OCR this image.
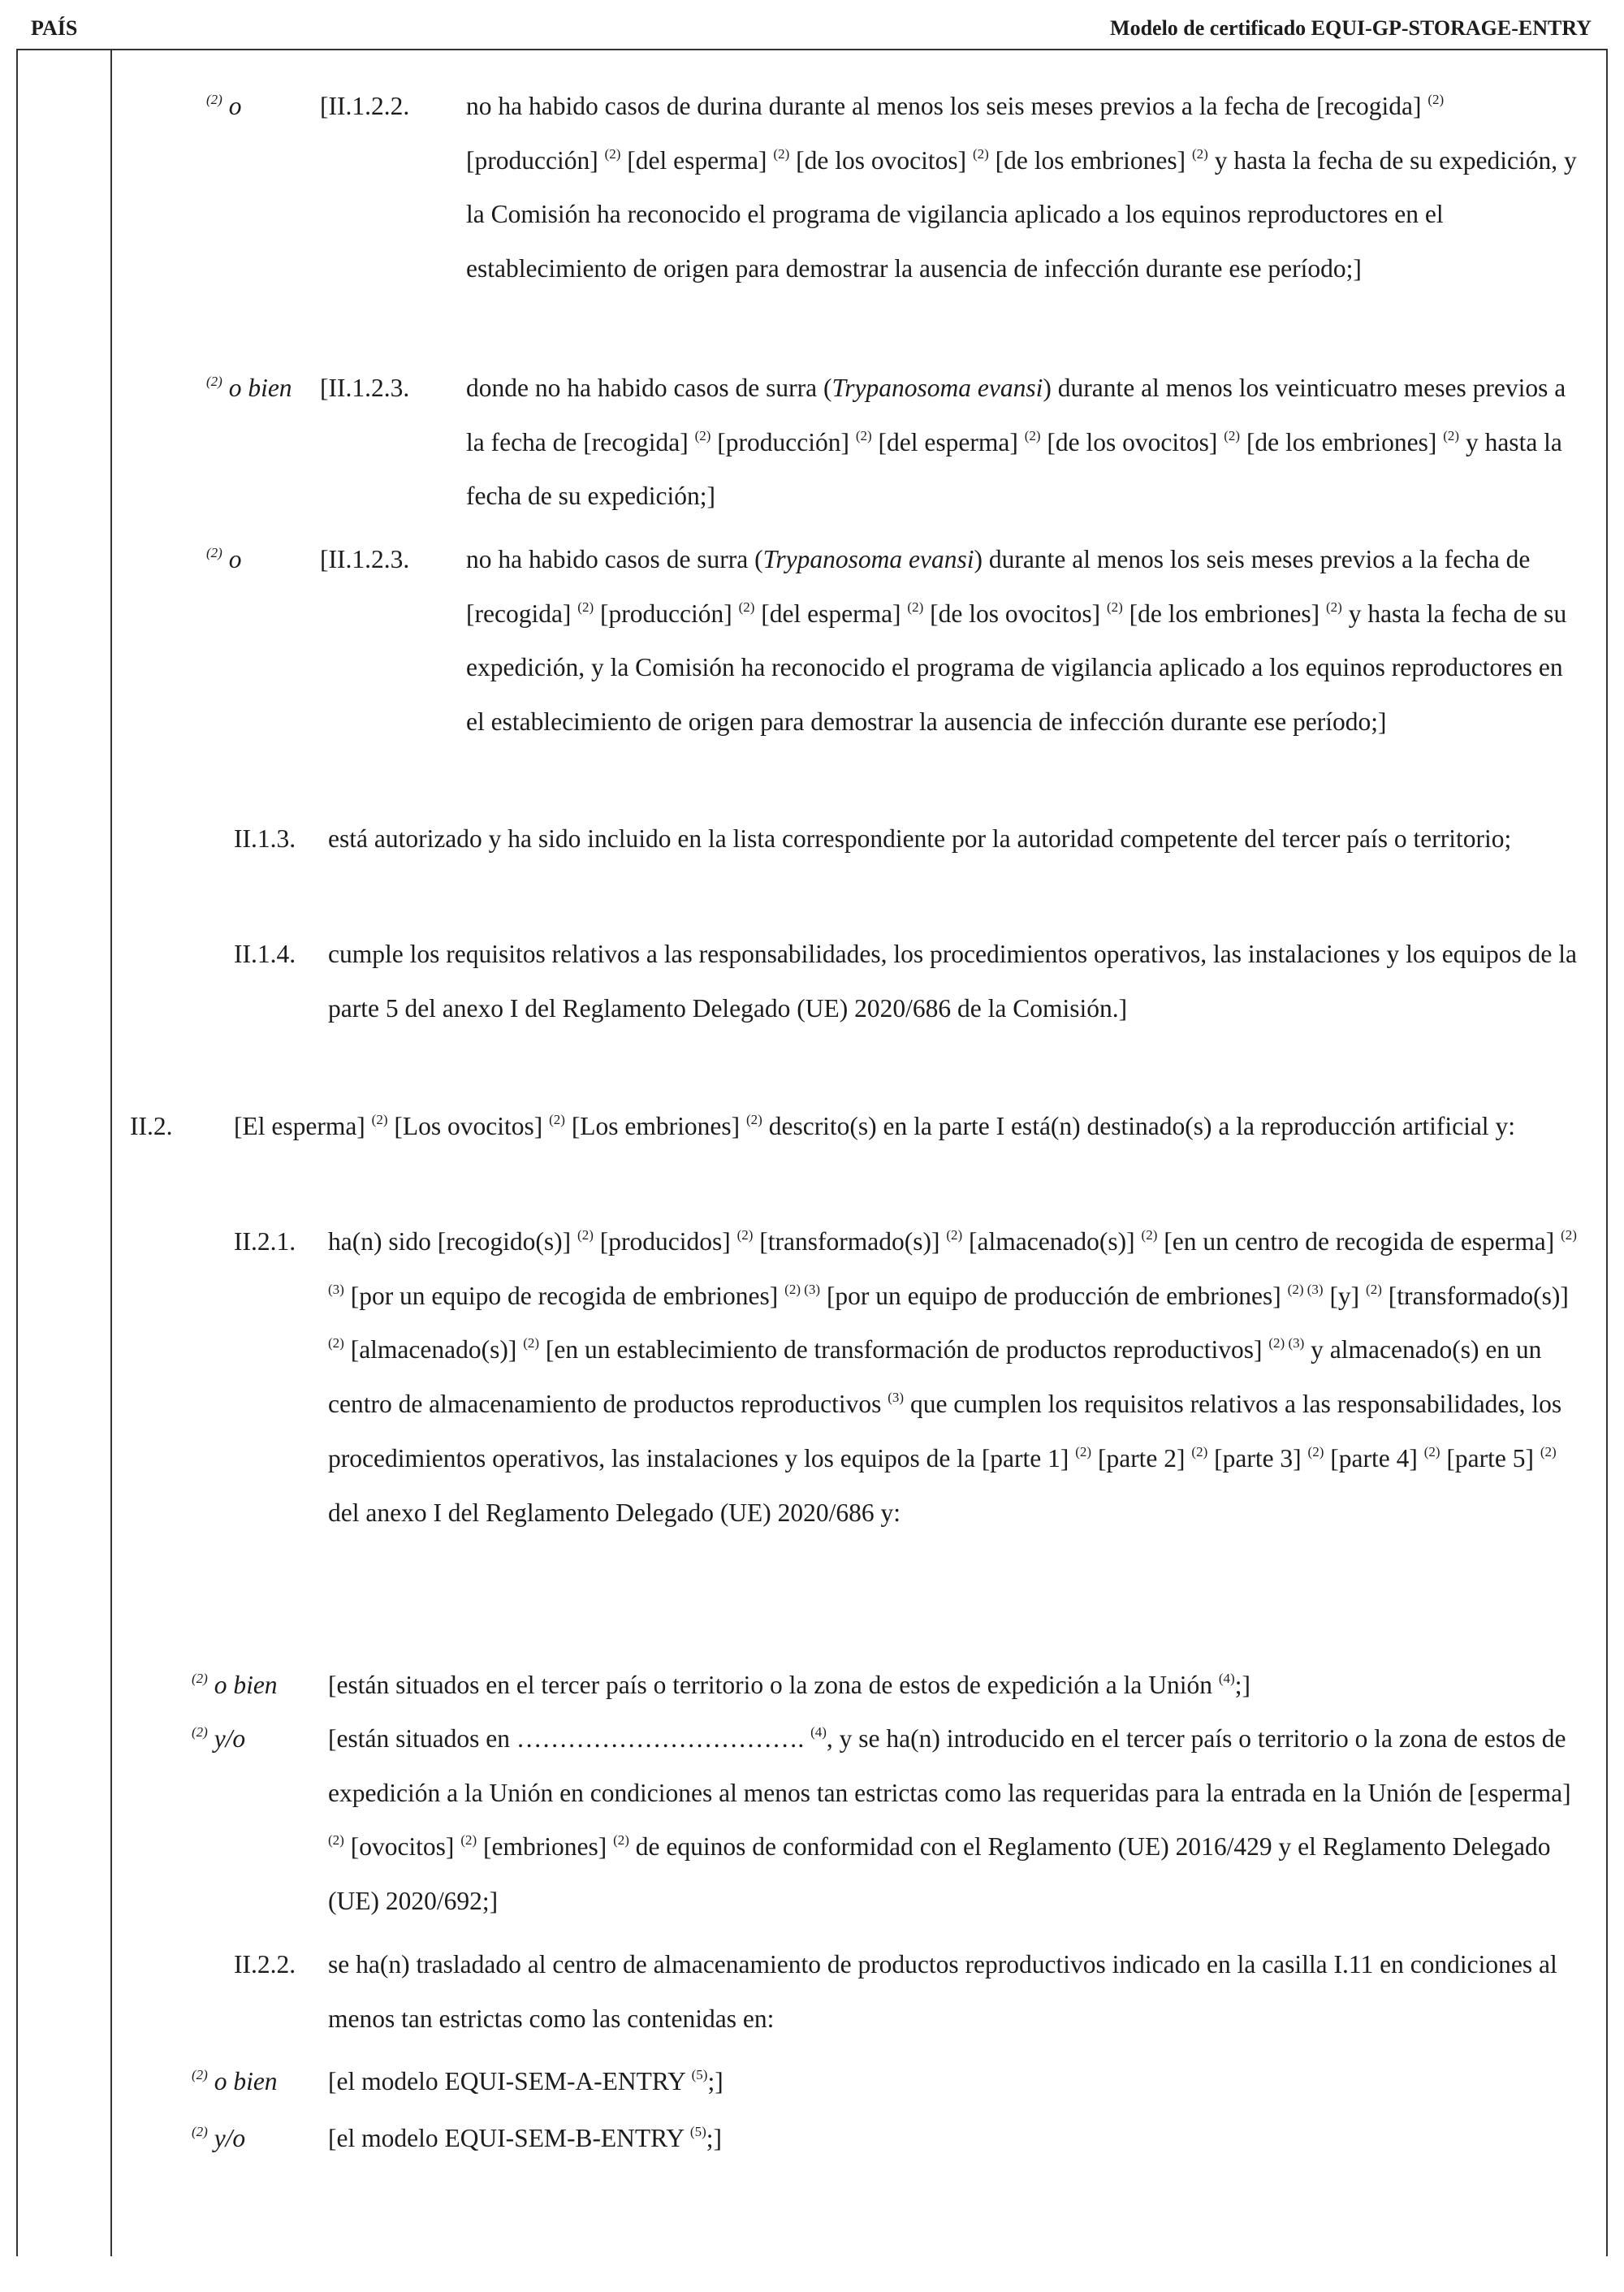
PAÍS	Modelo de certificado EQUI-GP-STORAGE-ENTRY
$^{(2)}$ o	[II.1.2.2. no ha habido casos de durina durante al menos los seis meses previos a la fecha de [recogida] $^{(2)}$ [producción] $^{(2)}$ [del esperma] $^{(2)}$ [de los ovocitos] $^{(2)}$ [de los embriones] $^{(2)}$ y hasta la fecha de su expedición, y la Comisión ha reconocido el programa de vigilancia aplicado a los equinos reproductores en el establecimiento de origen para demostrar la ausencia de infección durante ese período;]
$^{(2)}$ o bien [II.1.2.3. donde no ha habido casos de surra (Trypanosoma evansi) durante al menos los veinticuatro meses previos a la fecha de [recogida] $^{(2)}$ [producción] $^{(2)}$ [del esperma] $^{(2)}$ [de los ovocitos] $^{(2)}$ [de los embriones] $^{(2)}$ y hasta la fecha de su expedición;]
$^{(2)}$ o	[II.1.2.3. no ha habido casos de surra (Trypanosoma evansi) durante al menos los seis meses previos a la fecha de [recogida] $^{(2)}$ [producción] $^{(2)}$ [del esperma] $^{(2)}$ [de los ovocitos] $^{(2)}$ [de los embriones] $^{(2)}$ y hasta la fecha de su expedición, y la Comisión ha reconocido el programa de vigilancia aplicado a los equinos reproductores en el establecimiento de origen para demostrar la ausencia de infección durante ese período;]
II.1.3. está autorizado y ha sido incluido en la lista correspondiente por la autoridad competente del tercer país o territorio;
II.1.4. cumple los requisitos relativos a las responsabilidades, los procedimientos operativos, las instalaciones y los equipos de la parte 5 del anexo I del Reglamento Delegado (UE) 2020/686 de la Comisión.]
II.2. [El esperma] $^{(2)}$ [Los ovocitos] $^{(2)}$ [Los embriones] $^{(2)}$ descrito(s) en la parte I está(n) destinado(s) a la reproducción artificial y:
II.2.1. ha(n) sido [recogido(s)] $^{(2)}$ [producidos] $^{(2)}$ [transformado(s)] $^{(2)}$ [almacenado(s)] $^{(2)}$ [en un centro de recogida de esperma] $^{(2) (3)}$ [por un equipo de recogida de embriones] $^{(2) (3)}$ [por un equipo de producción de embriones] $^{(2) (3)}$ [y] $^{(2)}$ [transformado(s)] $^{(2)}$ [almacenado(s)] $^{(2)}$ [en un establecimiento de transformación de productos reproductivos] $^{(2) (3)}$ y almacenado(s) en un centro de almacenamiento de productos reproductivos $^{(3)}$ que cumplen los requisitos relativos a las responsabilidades, los procedimientos operativos, las instalaciones y los equipos de la [parte 1] $^{(2)}$ [parte 2] $^{(2)}$ [parte 3] $^{(2)}$ [parte 4] $^{(2)}$ [parte 5] $^{(2)}$ del anexo I del Reglamento Delegado (UE) 2020/686 y:
$^{(2)}$ o bien [están situados en el tercer país o territorio o la zona de estos de expedición a la Unión $^{(4)}$;]
$^{(2)}$ y/o	[están situados en ……………………………. $^{(4)}$, y se ha(n) introducido en el tercer país o territorio o la zona de estos de expedición a la Unión en condiciones al menos tan estrictas como las requeridas para la entrada en la Unión de [esperma] $^{(2)}$ [ovocitos] $^{(2)}$ [embriones] $^{(2)}$ de equinos de conformidad con el Reglamento (UE) 2016/429 y el Reglamento Delegado (UE) 2020/692;]
II.2.2. se ha(n) trasladado al centro de almacenamiento de productos reproductivos indicado en la casilla I.11 en condiciones al menos tan estrictas como las contenidas en:
$^{(2)}$ o bien [el modelo EQUI-SEM-A-ENTRY $^{(5)}$;]
$^{(2)}$ y/o	[el modelo EQUI-SEM-B-ENTRY $^{(5)}$;]
